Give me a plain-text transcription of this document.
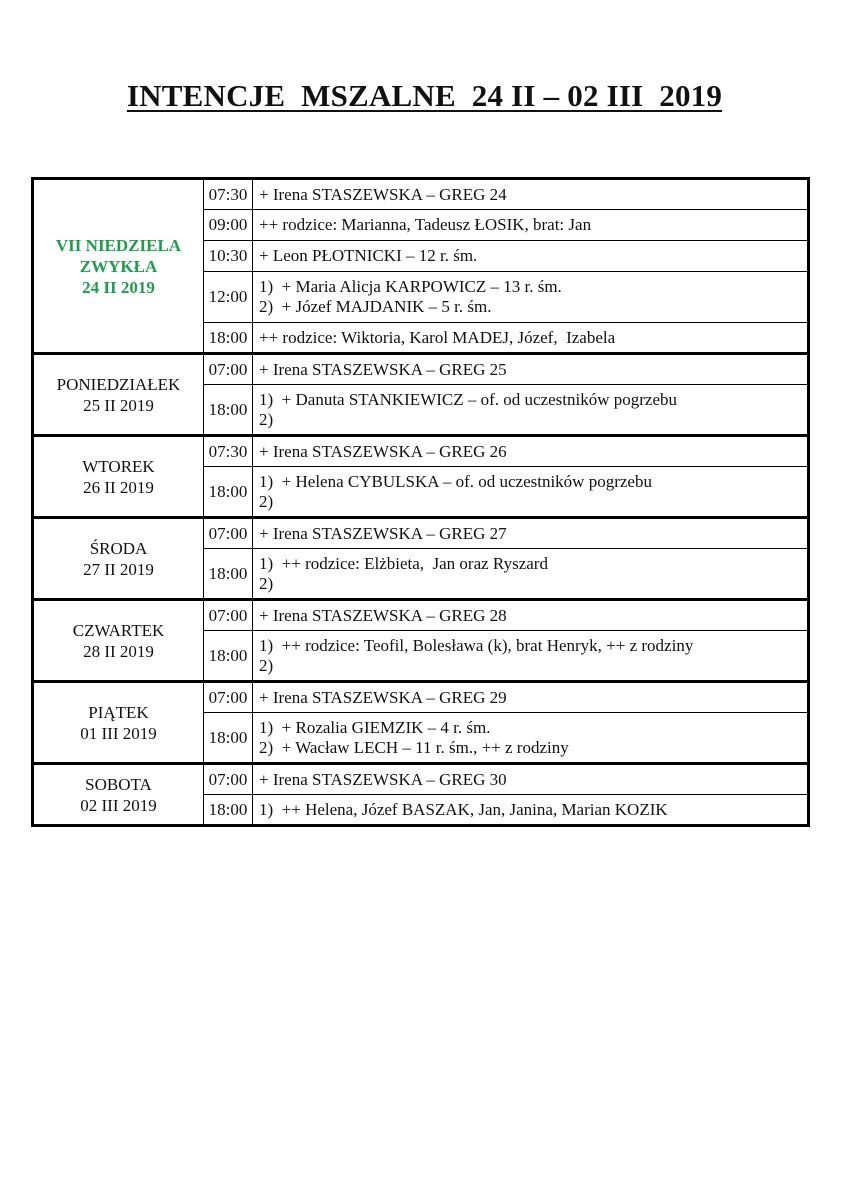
INTENCJE  MSZALNE  24 II – 02 III  2019
VII NIEDZIELA
ZWYKŁA
24 II 2019	07:30	+ Irena STASZEWSKA – GREG 24

	09:00	++ rodzice: Marianna, Tadeusz ŁOSIK, brat: Jan

	10:30	+ Leon PŁOTNICKI – 12 r. śm.

	12:00	1)  + Maria Alicja KARPOWICZ – 13 r. śm.
2)  + Józef MAJDANIK – 5 r. śm.

	18:00	++ rodzice: Wiktoria, Karol MADEJ, Józef,  Izabela

PONIEDZIAŁEK
25 II 2019	07:00	+ Irena STASZEWSKA – GREG 25

	18:00	1)  + Danuta STANKIEWICZ – of. od uczestników pogrzebu
2)

WTOREK
26 II 2019	07:30	+ Irena STASZEWSKA – GREG 26

	18:00	1)  + Helena CYBULSKA – of. od uczestników pogrzebu
2)

ŚRODA
27 II 2019	07:00	+ Irena STASZEWSKA – GREG 27

	18:00	1)  ++ rodzice: Elżbieta,  Jan oraz Ryszard
2)

CZWARTEK
28 II 2019	07:00	+ Irena STASZEWSKA – GREG 28

	18:00	1)  ++ rodzice: Teofil, Bolesława (k), brat Henryk, ++ z rodziny
2)

PIĄTEK
01 III 2019	07:00	+ Irena STASZEWSKA – GREG 29

	18:00	1)  + Rozalia GIEMZIK – 4 r. śm.
2)  + Wacław LECH – 11 r. śm., ++ z rodziny

SOBOTA
02 III 2019	07:00	+ Irena STASZEWSKA – GREG 30

	18:00	1)  ++ Helena, Józef BASZAK, Jan, Janina, Marian KOZIK
